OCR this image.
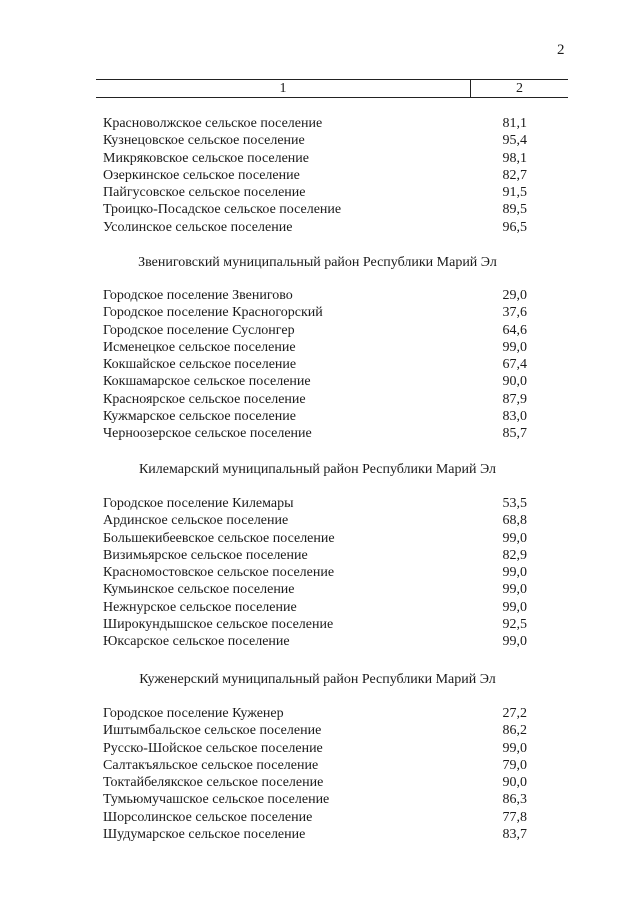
2
1	2
Красноволжское сельское поселение	81,1
Кузнецовское сельское поселение	95,4
Микряковское сельское поселение	98,1
Озеркинское сельское поселение	82,7
Пайгусовское сельское поселение	91,5
Троицко-Посадское сельское поселение	89,5
Усолинское сельское поселение	96,5
Звениговский муниципальный район Республики Марий Эл
Городское поселение Звенигово	29,0
Городское поселение Красногорский	37,6
Городское поселение Суслонгер	64,6
Исменецкое сельское поселение	99,0
Кокшайское сельское поселение	67,4
Кокшамарское сельское поселение	90,0
Красноярское сельское поселение	87,9
Кужмарское сельское поселение	83,0
Черноозерское сельское поселение	85,7
Килемарский муниципальный район Республики Марий Эл
Городское поселение Килемары	53,5
Ардинское сельское поселение	68,8
Большекибеевское сельское поселение	99,0
Визимьярское сельское поселение	82,9
Красномостовское сельское поселение	99,0
Кумьинское сельское поселение	99,0
Нежнурское сельское поселение	99,0
Широкундышское сельское поселение	92,5
Юксарское сельское поселение	99,0
Куженерский муниципальный район Республики Марий Эл
Городское поселение Куженер	27,2
Иштымбальское сельское поселение	86,2
Русско-Шойское сельское поселение	99,0
Салтакъяльское сельское поселение	79,0
Токтайбелякское сельское поселение	90,0
Тумьюмучашское сельское поселение	86,3
Шорсолинское сельское поселение	77,8
Шудумарское сельское поселение	83,7
